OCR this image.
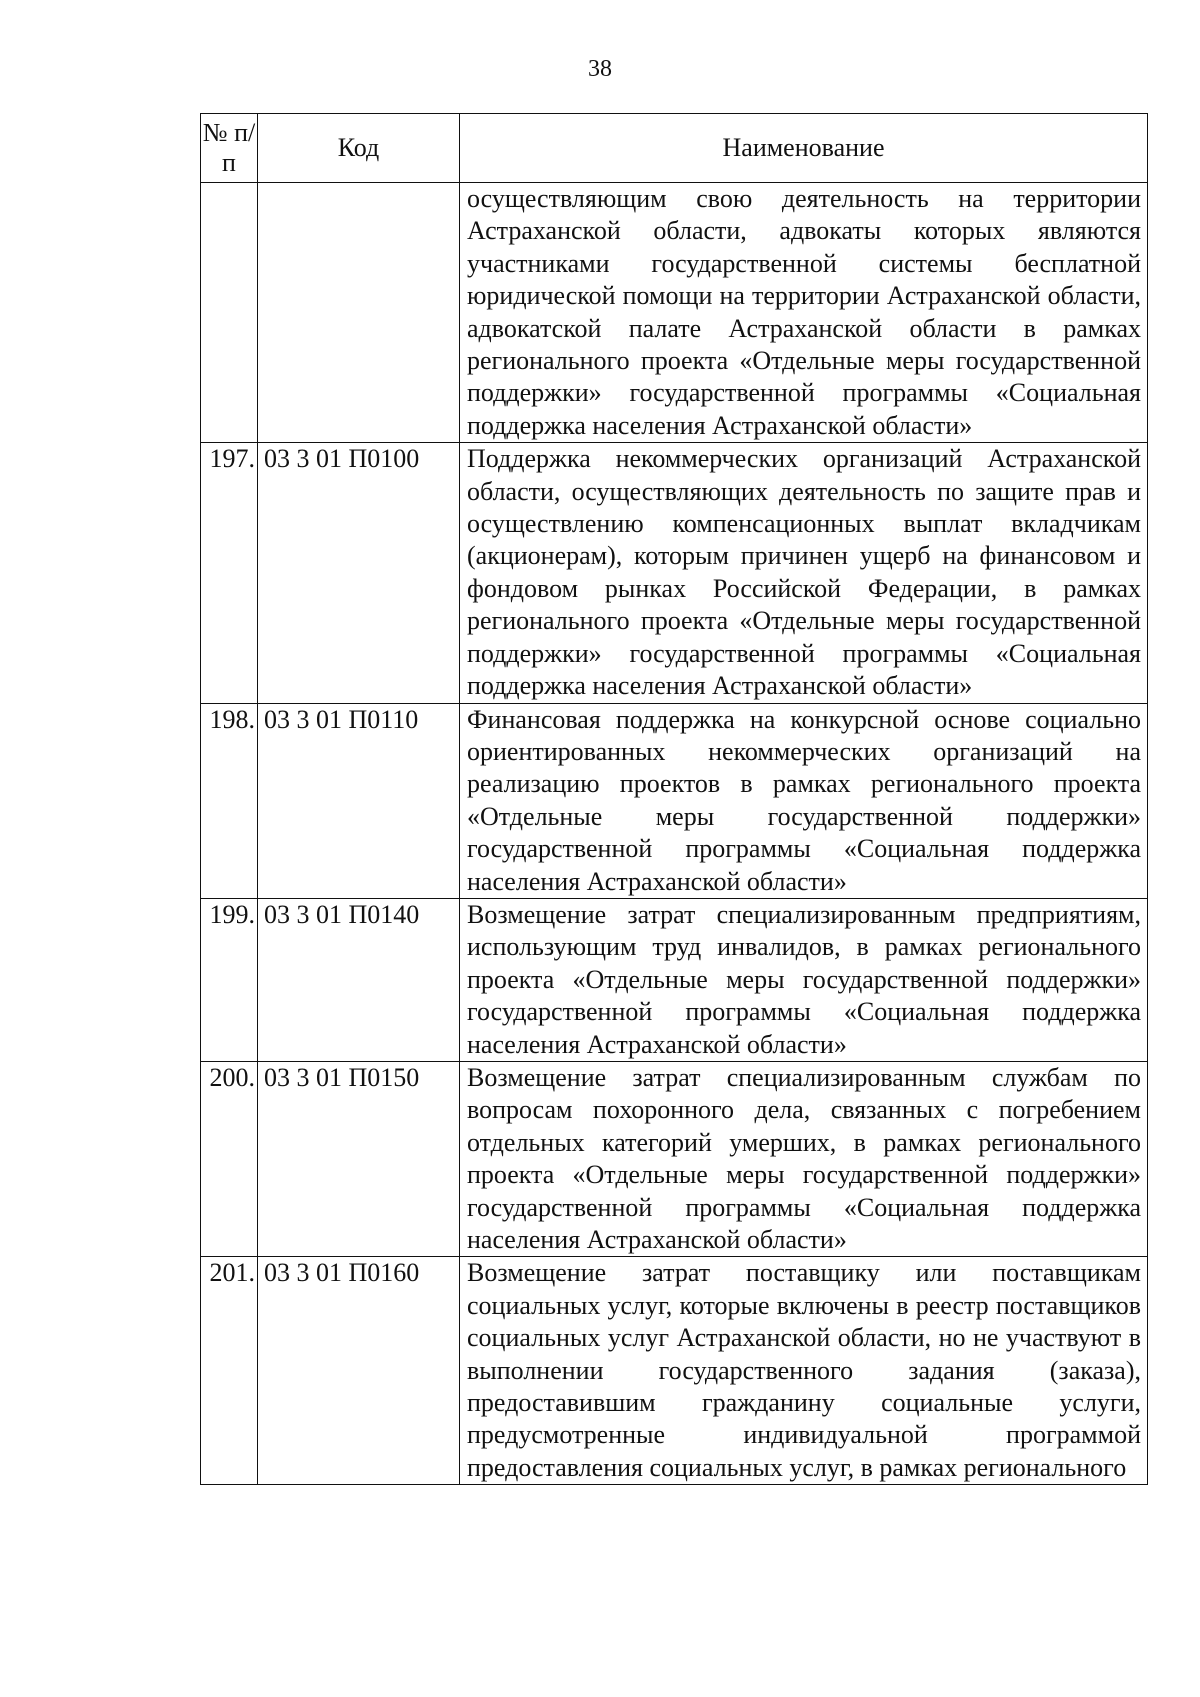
38
№ п/п	Код	Наименование
		осуществляющим свою деятельность на территории Астраханской области, адвокаты которых являются участниками государственной системы бесплатной юридической помощи на территории Астраханской области, адвокатской палате Астраханской области в рамках регионального проекта «Отдельные меры государственной поддержки» государственной программы «Социальная поддержка населения Астраханской области»
197.	03 3 01 П0100	Поддержка некоммерческих организаций Астраханской области, осуществляющих деятельность по защите прав и осуществлению компенсационных выплат вкладчикам (акционерам), которым причинен ущерб на финансовом и фондовом рынках Российской Федерации, в рамках регионального проекта «Отдельные меры государственной поддержки» государственной программы «Социальная поддержка населения Астраханской области»
198.	03 3 01 П0110	Финансовая поддержка на конкурсной основе социально ориентированных некоммерческих организаций на реализацию проектов в рамках регионального проекта «Отдельные меры государственной поддержки» государственной программы «Социальная поддержка населения Астраханской области»
199.	03 3 01 П0140	Возмещение затрат специализированным предприятиям, использующим труд инвалидов, в рамках регионального проекта «Отдельные меры государственной поддержки» государственной программы «Социальная поддержка населения Астраханской области»
200.	03 3 01 П0150	Возмещение затрат специализированным службам по вопросам похоронного дела, связанных с погребением отдельных категорий умерших, в рамках регионального проекта «Отдельные меры государственной поддержки» государственной программы «Социальная поддержка населения Астраханской области»
201.	03 3 01 П0160	Возмещение затрат поставщику или поставщикам социальных услуг, которые включены в реестр поставщиков социальных услуг Астраханской области, но не участвуют в выполнении государственного задания (заказа), предоставившим гражданину социальные услуги, предусмотренные индивидуальной программой предоставления социальных услуг, в рамках регионального
